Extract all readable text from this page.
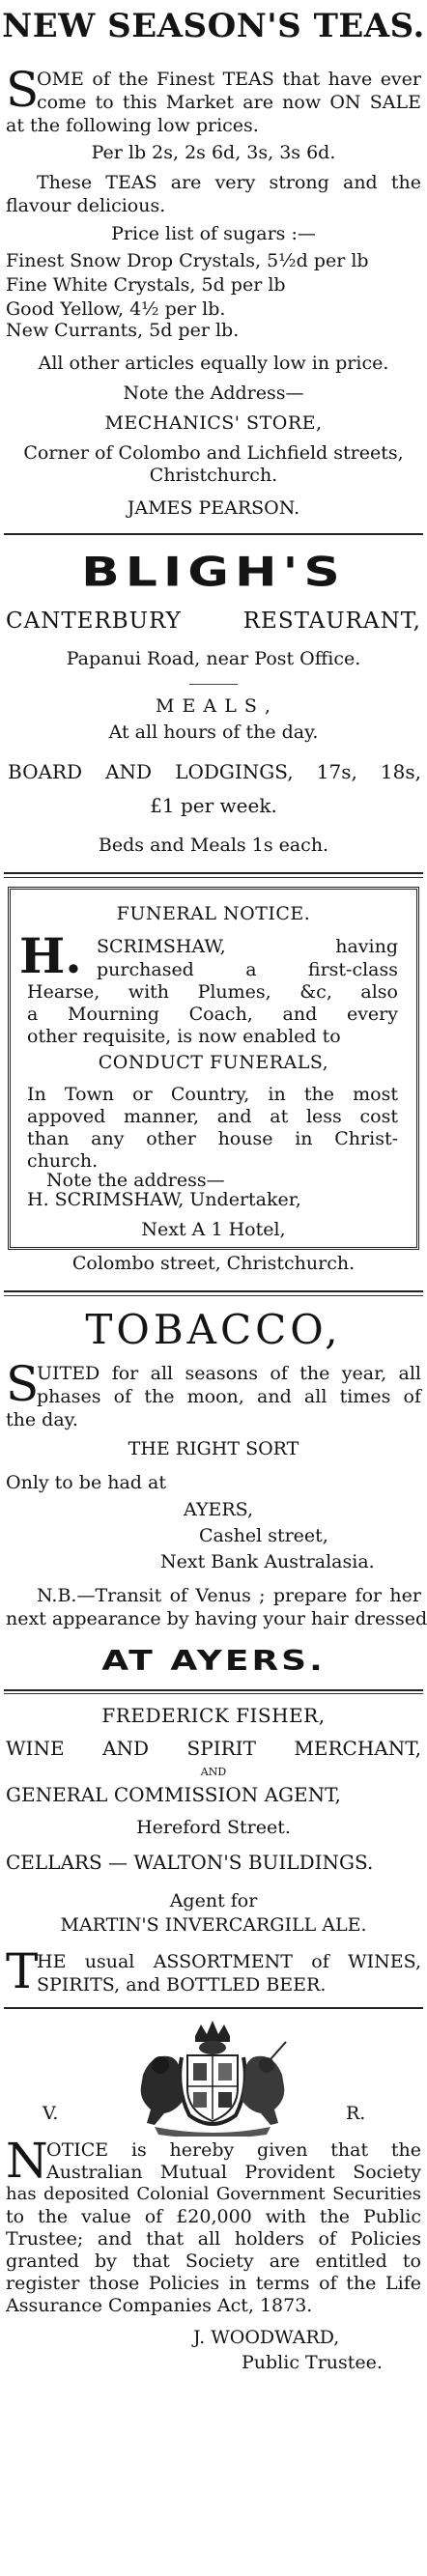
NEW SEASON'S TEAS.
S
OME of the Finest TEAS that have ever
come to this Market are now ON SALE
at the following low prices.
Per lb 2s, 2s 6d, 3s, 3s 6d.
These TEAS are very strong and the
flavour delicious.
Price list of sugars :—
Finest Snow Drop Crystals, 5½d per lb
Fine White Crystals, 5d per lb
Good Yellow, 4½ per lb.
New Currants, 5d per lb.
All other articles equally low in price.
Note the Address—
MECHANICS' STORE,
Corner of Colombo and Lichfield streets,
Christchurch.
JAMES PEARSON.
BLIGH'S
CANTERBURY RESTAURANT,
Papanui Road, near Post Office.
M E A L S ,
At all hours of the day.
BOARD AND LODGINGS, 17s, 18s,
£1 per week.
Beds and Meals 1s each.
FUNERAL NOTICE.
H. SCRIMSHAW, having
purchased a first-class
Hearse, with Plumes, &c, also
a Mourning Coach, and every
other requisite, is now enabled to
CONDUCT FUNERALS,
In Town or Country, in the most
appoved manner, and at less cost
than any other house in Christ-
church.
Note the address—
H. SCRIMSHAW, Undertaker,
Next A 1 Hotel,
Colombo street, Christchurch.
TOBACCO,
S
UITED for all seasons of the year, all
phases of the moon, and all times of
the day.
THE RIGHT SORT
Only to be had at
AYERS,
Cashel street,
Next Bank Australasia.
N.B.—Transit of Venus ; prepare for her
next appearance by having your hair dressed
AT AYERS.
FREDERICK FISHER,
WINE AND SPIRIT MERCHANT,
AND
GENERAL COMMISSION AGENT,
Hereford Street.
CELLARS — WALTON'S BUILDINGS.
Agent for
MARTIN'S INVERCARGILL ALE.
T
HE usual ASSORTMENT of WINES,
SPIRITS, and BOTTLED BEER.
V.	R.
N
OTICE is hereby given that the
Australian Mutual Provident Society
has deposited Colonial Government Securities
to the value of £20,000 with the Public
Trustee; and that all holders of Policies
granted by that Society are entitled to
register those Policies in terms of the Life
Assurance Companies Act, 1873.
J. WOODWARD,
Public Trustee.
